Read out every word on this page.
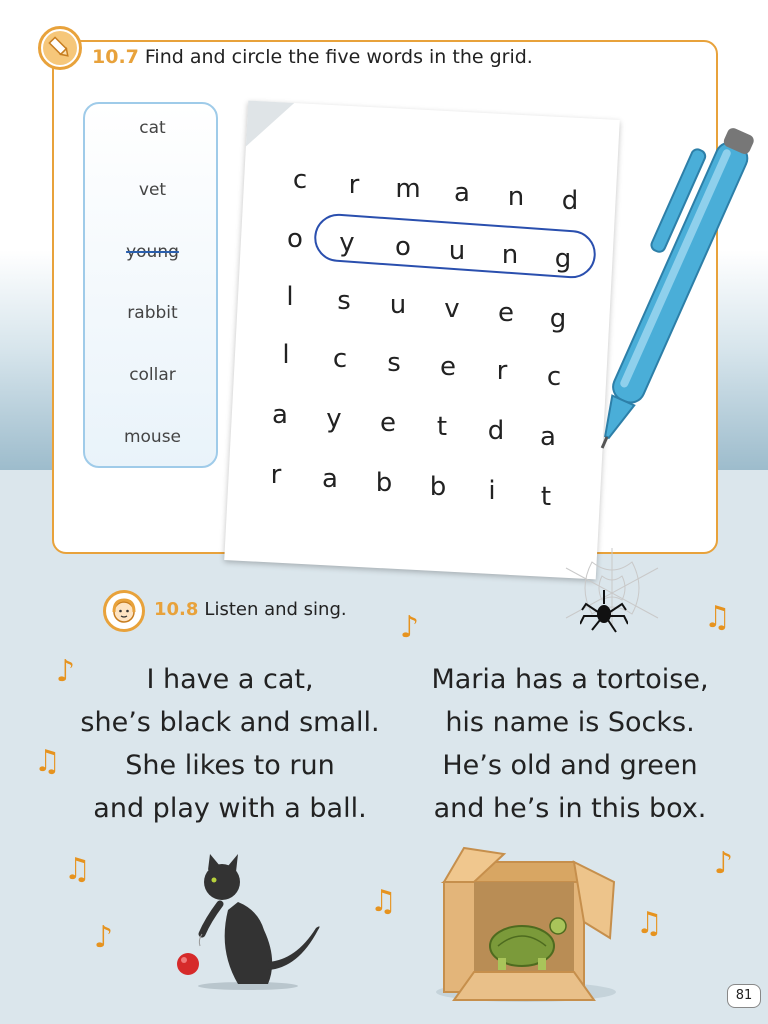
10.7 Find and circle the five words in the grid.
cat
vet
young
rabbit
collar
mouse
c	r	m	a	n	d
o	y	o	u	n	g
l	s	u	v	e	g
l	c	s	e	r	c
a	y	e	t	d	a
r	a	b	b	i	t
10.8 Listen and sing.
I have a cat,
she’s black and small.
She likes to run
and play with a ball.
Maria has a tortoise,
his name is Socks.
He’s old and green
and he’s in this box.
♪	♫
♪
♫
♫
♪
♫
♪
♫
81
